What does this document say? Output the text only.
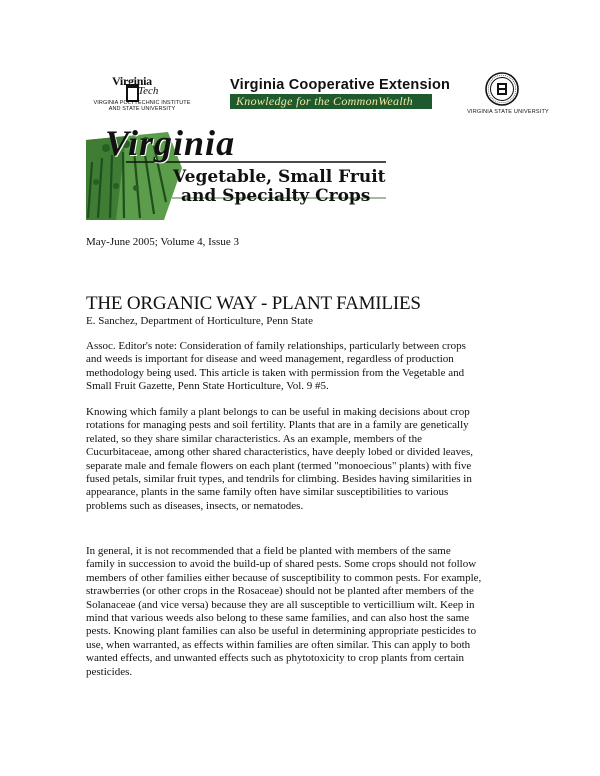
Virginia
Tech
VIRGINIA POLYTECHNIC INSTITUTE AND STATE UNIVERSITY
Virginia Cooperative Extension
Knowledge for the CommonWealth
VIRGINIA STATE UNIVERSITY
Virginia
Vegetable, Small Fruit
and Specialty Crops
May-June 2005; Volume 4, Issue 3
THE ORGANIC WAY - PLANT FAMILIES
E. Sanchez, Department of Horticulture, Penn State
Assoc. Editor's note: Consideration of family relationships, particularly between crops
and weeds is important for disease and weed management, regardless of production
methodology being used. This article is taken with permission from the Vegetable and
Small Fruit Gazette, Penn State Horticulture, Vol. 9 #5.
Knowing which family a plant belongs to can be useful in making decisions about crop
rotations for managing pests and soil fertility. Plants that are in a family are genetically
related, so they share similar characteristics. As an example, members of the
Cucurbitaceae, among other shared characteristics, have deeply lobed or divided leaves,
separate male and female flowers on each plant (termed "monoecious" plants) with five
fused petals, similar fruit types, and tendrils for climbing. Besides having similarities in
appearance, plants in the same family often have similar susceptibilities to various
problems such as diseases, insects, or nematodes.
In general, it is not recommended that a field be planted with members of the same
family in succession to avoid the build-up of shared pests. Some crops should not follow
members of other families either because of susceptibility to common pests. For example,
strawberries (or other crops in the Rosaceae) should not be planted after members of the
Solanaceae (and vice versa) because they are all susceptible to verticillium wilt. Keep in
mind that various weeds also belong to these same families, and can also host the same
pests. Knowing plant families can also be useful in determining appropriate pesticides to
use, when warranted, as effects within families are often similar. This can apply to both
wanted effects, and unwanted effects such as phytotoxicity to crop plants from certain
pesticides.
